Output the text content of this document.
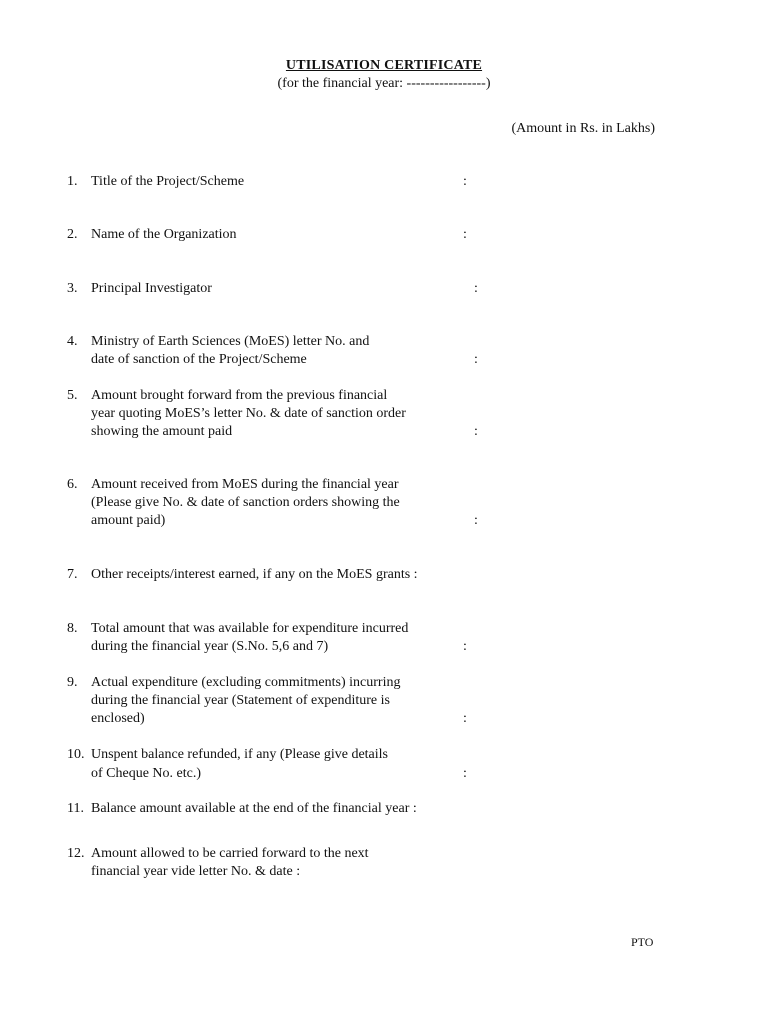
UTILISATION CERTIFICATE
(for the financial year: -----------------)
(Amount in Rs. in Lakhs)
1. Title of the Project/Scheme	:
2. Name of the Organization	:
3. Principal Investigator	:
4. Ministry of Earth Sciences (MoES) letter No. and
date of sanction of the Project/Scheme	:
5. Amount brought forward from the previous financial
year quoting MoES’s letter No. & date of sanction order
showing the amount paid	:
6. Amount received from MoES during the financial year
(Please give No. & date of sanction orders showing the
amount paid)	:
7. Other receipts/interest earned, if any on the MoES grants :
8. Total amount that was available for expenditure incurred
during the financial year (S.No. 5,6 and 7)	:
9. Actual expenditure (excluding commitments) incurring
during the financial year (Statement of expenditure is
enclosed)	:
10. Unspent balance refunded, if any (Please give details
of Cheque No. etc.)	:
11. Balance amount available at the end of the financial year :
12. Amount allowed to be carried forward to the next
financial year vide letter No. & date :
PTO
